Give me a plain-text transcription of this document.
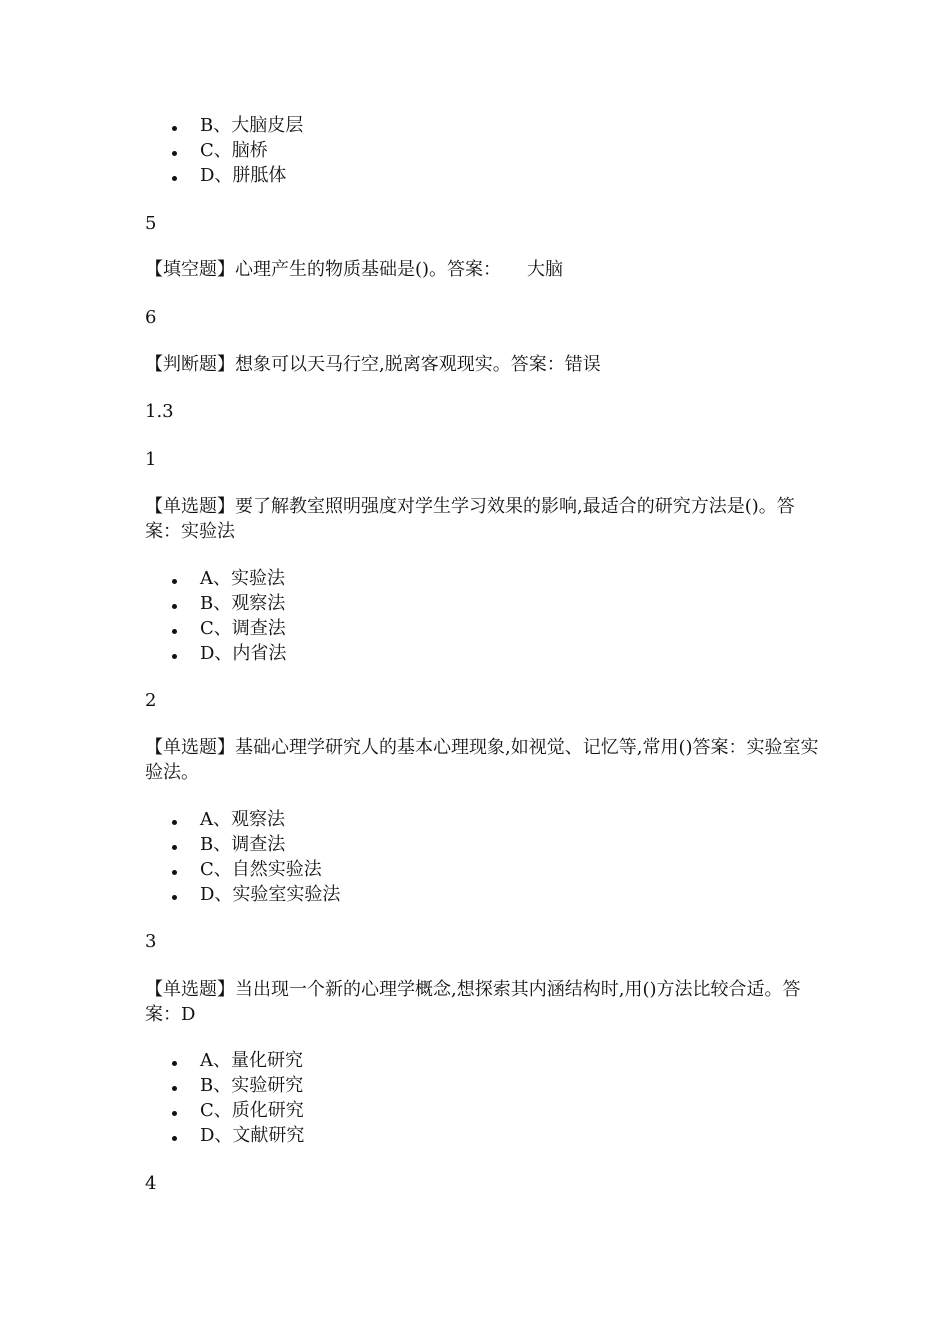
B、大脑皮层
C、脑桥
D、胼胝体
5
【填空题】心理产生的物质基础是()。答案： 大脑
6
【判断题】想象可以天马行空,脱离客观现实。答案：错误
1.3
1
【单选题】要了解教室照明强度对学生学习效果的影响,最适合的研究方法是()。答案：实验法
A、实验法
B、观察法
C、调查法
D、内省法
2
【单选题】基础心理学研究人的基本心理现象,如视觉、记忆等,常用()答案：实验室实验法。
A、观察法
B、调查法
C、自然实验法
D、实验室实验法
3
【单选题】当出现一个新的心理学概念,想探索其内涵结构时,用()方法比较合适。答案：D
A、量化研究
B、实验研究
C、质化研究
D、文献研究
4
